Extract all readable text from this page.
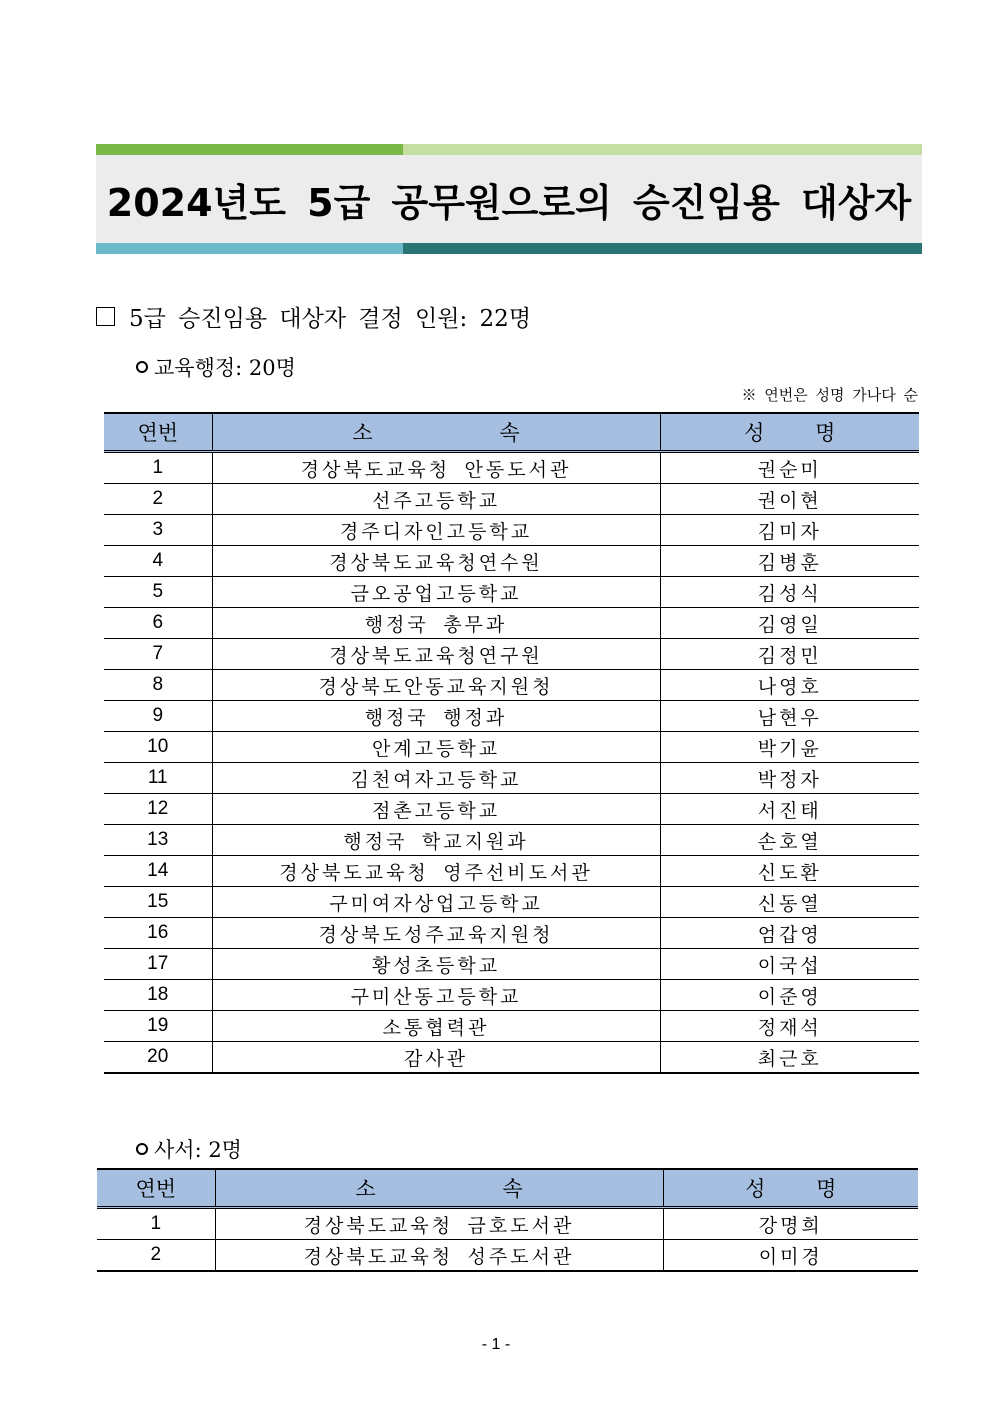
2024년도 5급 공무원으로의 승진임용 대상자
5급 승진임용 대상자 결정 인원: 22명
교육행정: 20명
※ 연번은 성명 가나다 순
연번	소 속	성 명
1	경상북도교육청 안동도서관	권순미
2	선주고등학교	권이현
3	경주디자인고등학교	김미자
4	경상북도교육청연수원	김병훈
5	금오공업고등학교	김성식
6	행정국 총무과	김영일
7	경상북도교육청연구원	김정민
8	경상북도안동교육지원청	나영호
9	행정국 행정과	남현우
10	안계고등학교	박기윤
11	김천여자고등학교	박정자
12	점촌고등학교	서진태
13	행정국 학교지원과	손호열
14	경상북도교육청 영주선비도서관	신도환
15	구미여자상업고등학교	신동열
16	경상북도성주교육지원청	엄갑영
17	황성초등학교	이국섭
18	구미산동고등학교	이준영
19	소통협력관	정재석
20	감사관	최근호
사서: 2명
연번	소 속	성 명
1	경상북도교육청 금호도서관	강명희
2	경상북도교육청 성주도서관	이미경
- 1 -
